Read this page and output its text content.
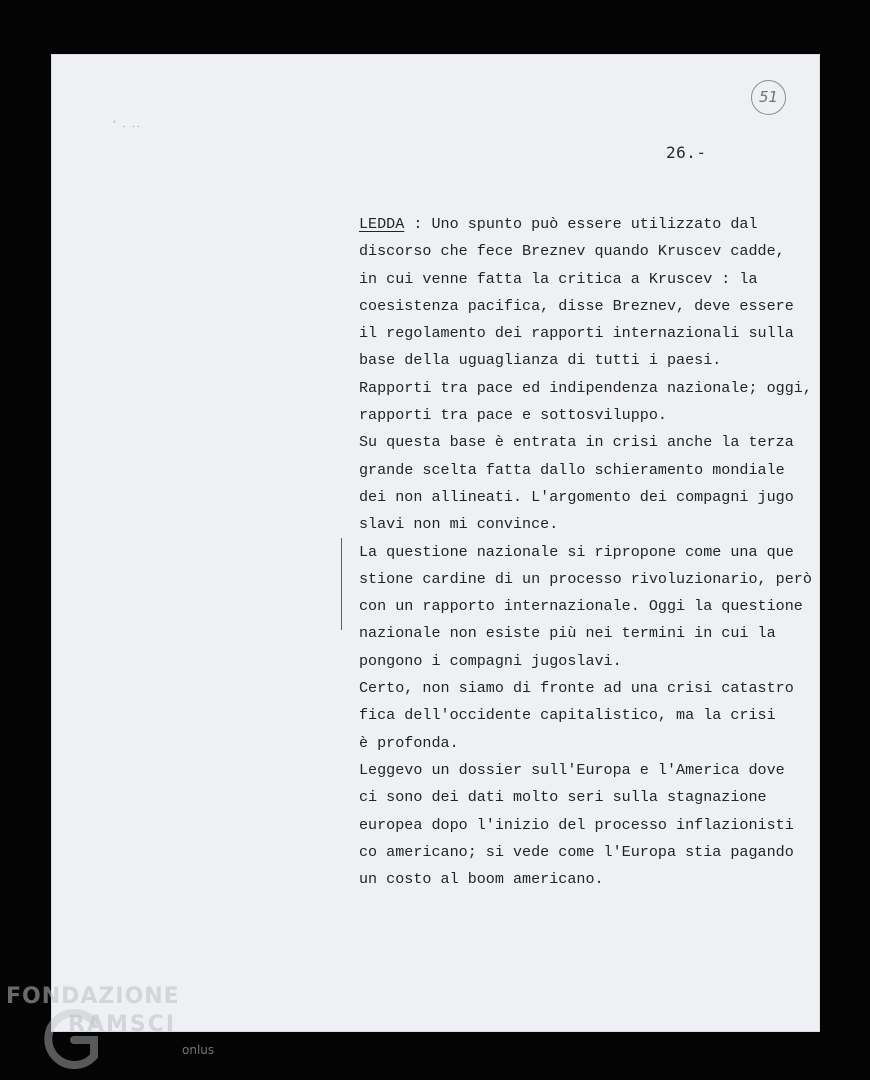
51
' . ..
26.-
LEDDA : Uno spunto può essere utilizzato dal
discorso che fece Breznev quando Kruscev cadde,
in cui venne fatta la critica a Kruscev : la
coesistenza pacifica, disse Breznev, deve essere
il regolamento dei rapporti internazionali sulla
base della uguaglianza di tutti i paesi.
Rapporti tra pace ed indipendenza nazionale; oggi,
rapporti tra pace e sottosviluppo.
Su questa base è entrata in crisi anche la terza
grande scelta fatta dallo schieramento mondiale
dei non allineati. L'argomento dei compagni jugo
slavi non mi convince.
La questione nazionale si ripropone come una que
stione cardine di un processo rivoluzionario, però
con un rapporto internazionale. Oggi la questione
nazionale non esiste più nei termini in cui la
pongono i compagni jugoslavi.
Certo, non siamo di fronte ad una crisi catastro
fica dell'occidente capitalistico, ma la crisi
è profonda.
Leggevo un dossier sull'Europa e l'America dove
ci sono dei dati molto seri sulla stagnazione
europea dopo l'inizio del processo inflazionisti
co americano; si vede come l'Europa stia pagando
un costo al boom americano.
FONDAZIONE
RAMSCI
onlus
